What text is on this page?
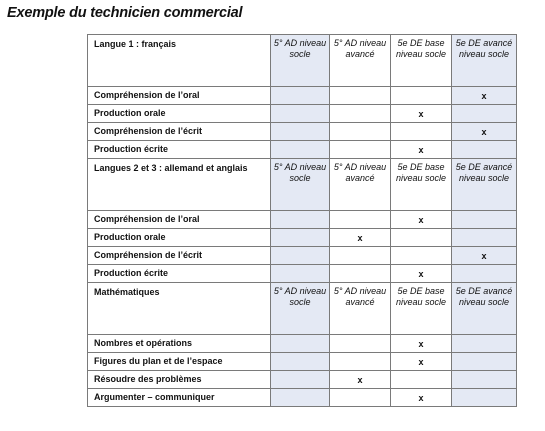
Exemple du technicien commercial
Langue 1 : français	5° AD niveau socle	5° AD niveau avancé	5e DE base niveau socle	5e DE avancé niveau socle
Compréhension de l’oral				x
Production orale			x	
Compréhension de l’écrit				x
Production écrite			x	
Langues 2 et 3 : allemand et anglais	5° AD niveau socle	5° AD niveau avancé	5e DE base niveau socle	5e DE avancé niveau socle
Compréhension de l’oral			x	
Production orale		x		
Compréhension de l’écrit				x
Production écrite			x	
Mathématiques	5° AD niveau socle	5° AD niveau avancé	5e DE base niveau socle	5e DE avancé niveau socle
Nombres et opérations			x	
Figures du plan et de l’espace			x	
Résoudre des problèmes		x		
Argumenter – communiquer			x	
